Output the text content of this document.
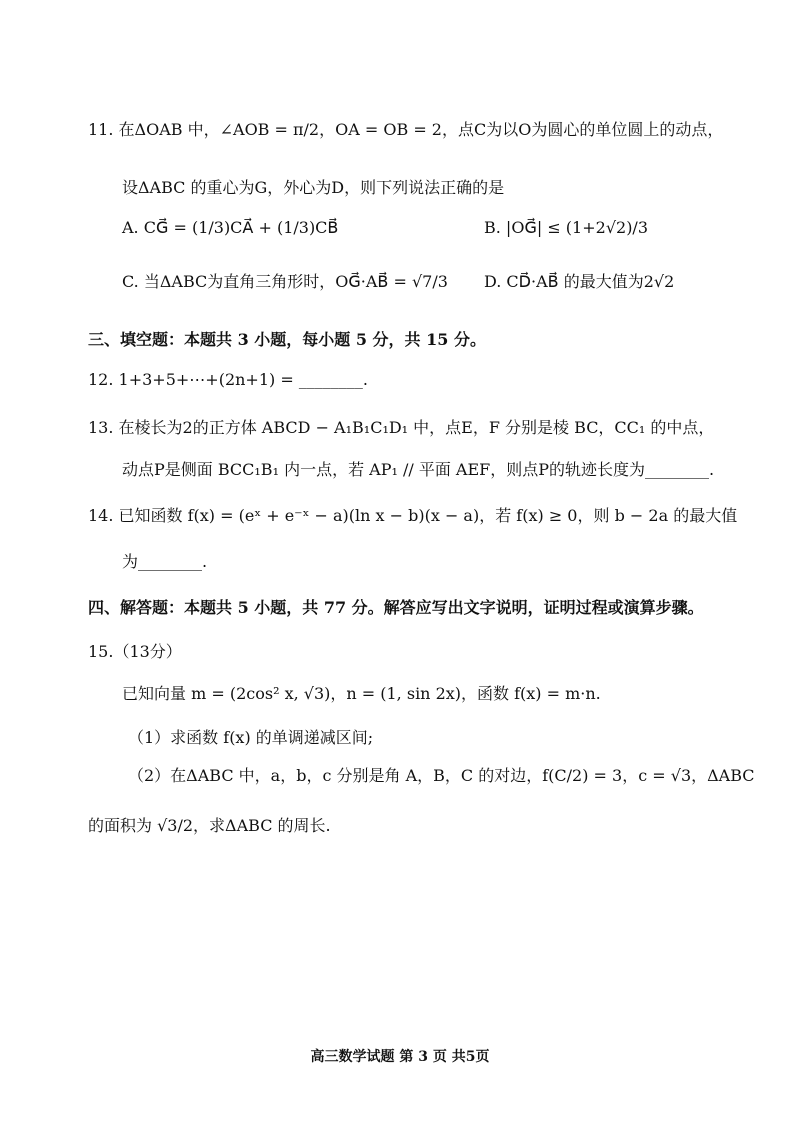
11. 在ΔOAB 中，∠AOB = π/2，OA = OB = 2，点C为以O为圆心的单位圆上的动点，
设ΔABC 的重心为G，外心为D，则下列说法正确的是
A. CG⃗ = (1/3)CA⃗ + (1/3)CB⃗	B. |OG⃗| ≤ (1+2√2)/3
C. 当ΔABC为直角三角形时，OG⃗·AB⃗ = √7/3 D. CD⃗·AB⃗ 的最大值为2√2
三、填空题：本题共 3 小题，每小题 5 分，共 15 分。
12. 1+3+5+⋯+(2n+1) = ________.
13. 在棱长为2的正方体 ABCD − A₁B₁C₁D₁ 中，点E，F 分别是棱 BC，CC₁ 的中点，
动点P是侧面 BCC₁B₁ 内一点，若 AP₁ // 平面 AEF，则点P的轨迹长度为________.
14. 已知函数 f(x) = (eˣ + e⁻ˣ − a)(ln x − b)(x − a)，若 f(x) ≥ 0，则 b − 2a 的最大值
为________.
四、解答题：本题共 5 小题，共 77 分。解答应写出文字说明，证明过程或演算步骤。
15.（13分）
已知向量 m = (2cos² x, √3)，n = (1, sin 2x)，函数 f(x) = m·n.
（1）求函数 f(x) 的单调递减区间;
（2）在ΔABC 中，a，b，c 分别是角 A，B，C 的对边，f(C/2) = 3，c = √3，ΔABC
的面积为 √3/2，求ΔABC 的周长.
高三数学试题 第 3 页 共5页
